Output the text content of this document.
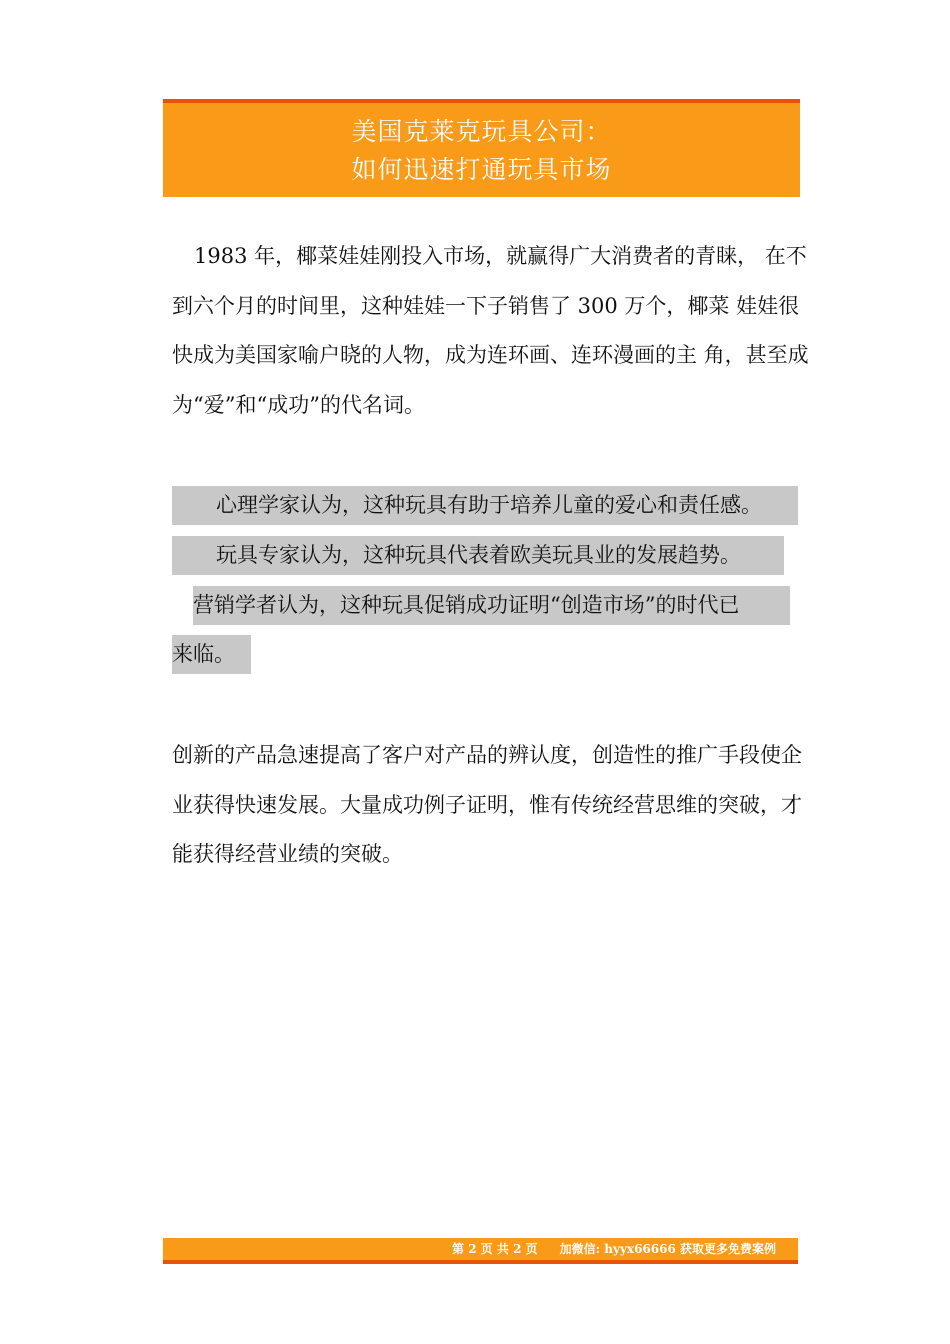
美国克莱克玩具公司：
如何迅速打通玩具市场

1983 年，椰菜娃娃刚投入市场，就赢得广大消费者的青睐， 在不到六个月的时间里，这种娃娃一下子销售了 300 万个，椰菜 娃娃很快成为美国家喻户晓的人物，成为连环画、连环漫画的主 角，甚至成为“爱”和“成功”的代名词。

心理学家认为，这种玩具有助于培养儿童的爱心和责任感。
玩具专家认为，这种玩具代表着欧美玩具业的发展趋势。
营销学者认为，这种玩具促销成功证明“创造市场”的时代已
来临。

创新的产品急速提高了客户对产品的辨认度，创造性的推广手段使企业获得快速发展。大量成功例子证明，惟有传统经营思维的突破，才能获得经营业绩的突破。

第 2 页 共 2 页 加微信: hyyx66666 获取更多免费案例
